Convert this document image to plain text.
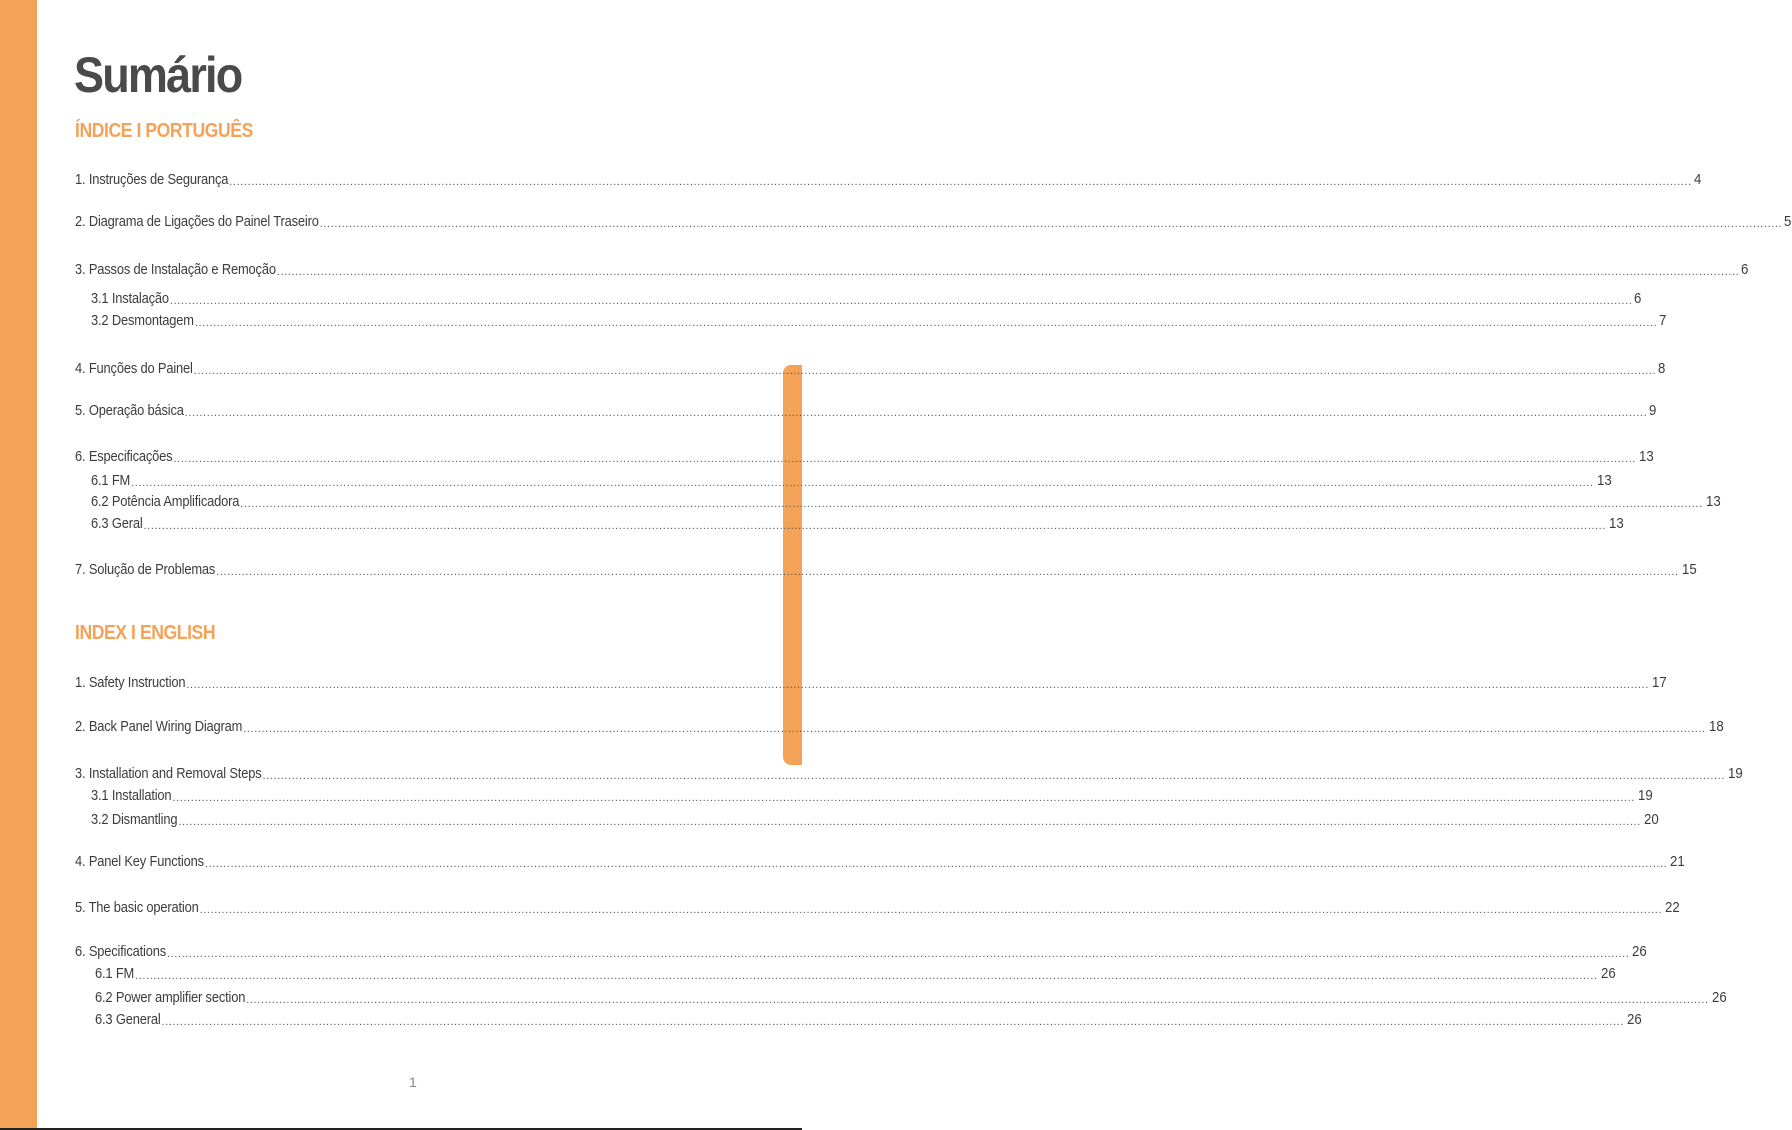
Sumário
ÍNDICE I PORTUGUÊS
INDEX I ENGLISH
1. Instruções de Segurança ................................................................................................................................................................................................................................................................................................................................................................................................................ 4
2. Diagrama de Ligações do Painel Traseiro ................................................................................................................................................................................................................................................................................................................................................................................................................ 5
3. Passos de Instalação e Remoção ................................................................................................................................................................................................................................................................................................................................................................................................................ 6
3.1 Instalação ................................................................................................................................................................................................................................................................................................................................................................................................................ 6
3.2 Desmontagem ................................................................................................................................................................................................................................................................................................................................................................................................................ 7
4. Funções do Painel ................................................................................................................................................................................................................................................................................................................................................................................................................ 8
5. Operação básica ................................................................................................................................................................................................................................................................................................................................................................................................................ 9
6. Especificações ................................................................................................................................................................................................................................................................................................................................................................................................................ 13
6.1 FM ................................................................................................................................................................................................................................................................................................................................................................................................................ 13
6.2 Potência Amplificadora ................................................................................................................................................................................................................................................................................................................................................................................................................ 13
6.3 Geral ................................................................................................................................................................................................................................................................................................................................................................................................................ 13
7. Solução de Problemas ................................................................................................................................................................................................................................................................................................................................................................................................................ 15
1. Safety Instruction ................................................................................................................................................................................................................................................................................................................................................................................................................ 17
2. Back Panel Wiring Diagram ................................................................................................................................................................................................................................................................................................................................................................................................................ 18
3. Installation and Removal Steps ................................................................................................................................................................................................................................................................................................................................................................................................................ 19
3.1 Installation ................................................................................................................................................................................................................................................................................................................................................................................................................ 19
3.2 Dismantling ................................................................................................................................................................................................................................................................................................................................................................................................................ 20
4. Panel Key Functions ................................................................................................................................................................................................................................................................................................................................................................................................................ 21
5. The basic operation ................................................................................................................................................................................................................................................................................................................................................................................................................ 22
6. Specifications ................................................................................................................................................................................................................................................................................................................................................................................................................ 26
6.1 FM ................................................................................................................................................................................................................................................................................................................................................................................................................ 26
6.2 Power amplifier section ................................................................................................................................................................................................................................................................................................................................................................................................................ 26
6.3 General ................................................................................................................................................................................................................................................................................................................................................................................................................ 26
1
